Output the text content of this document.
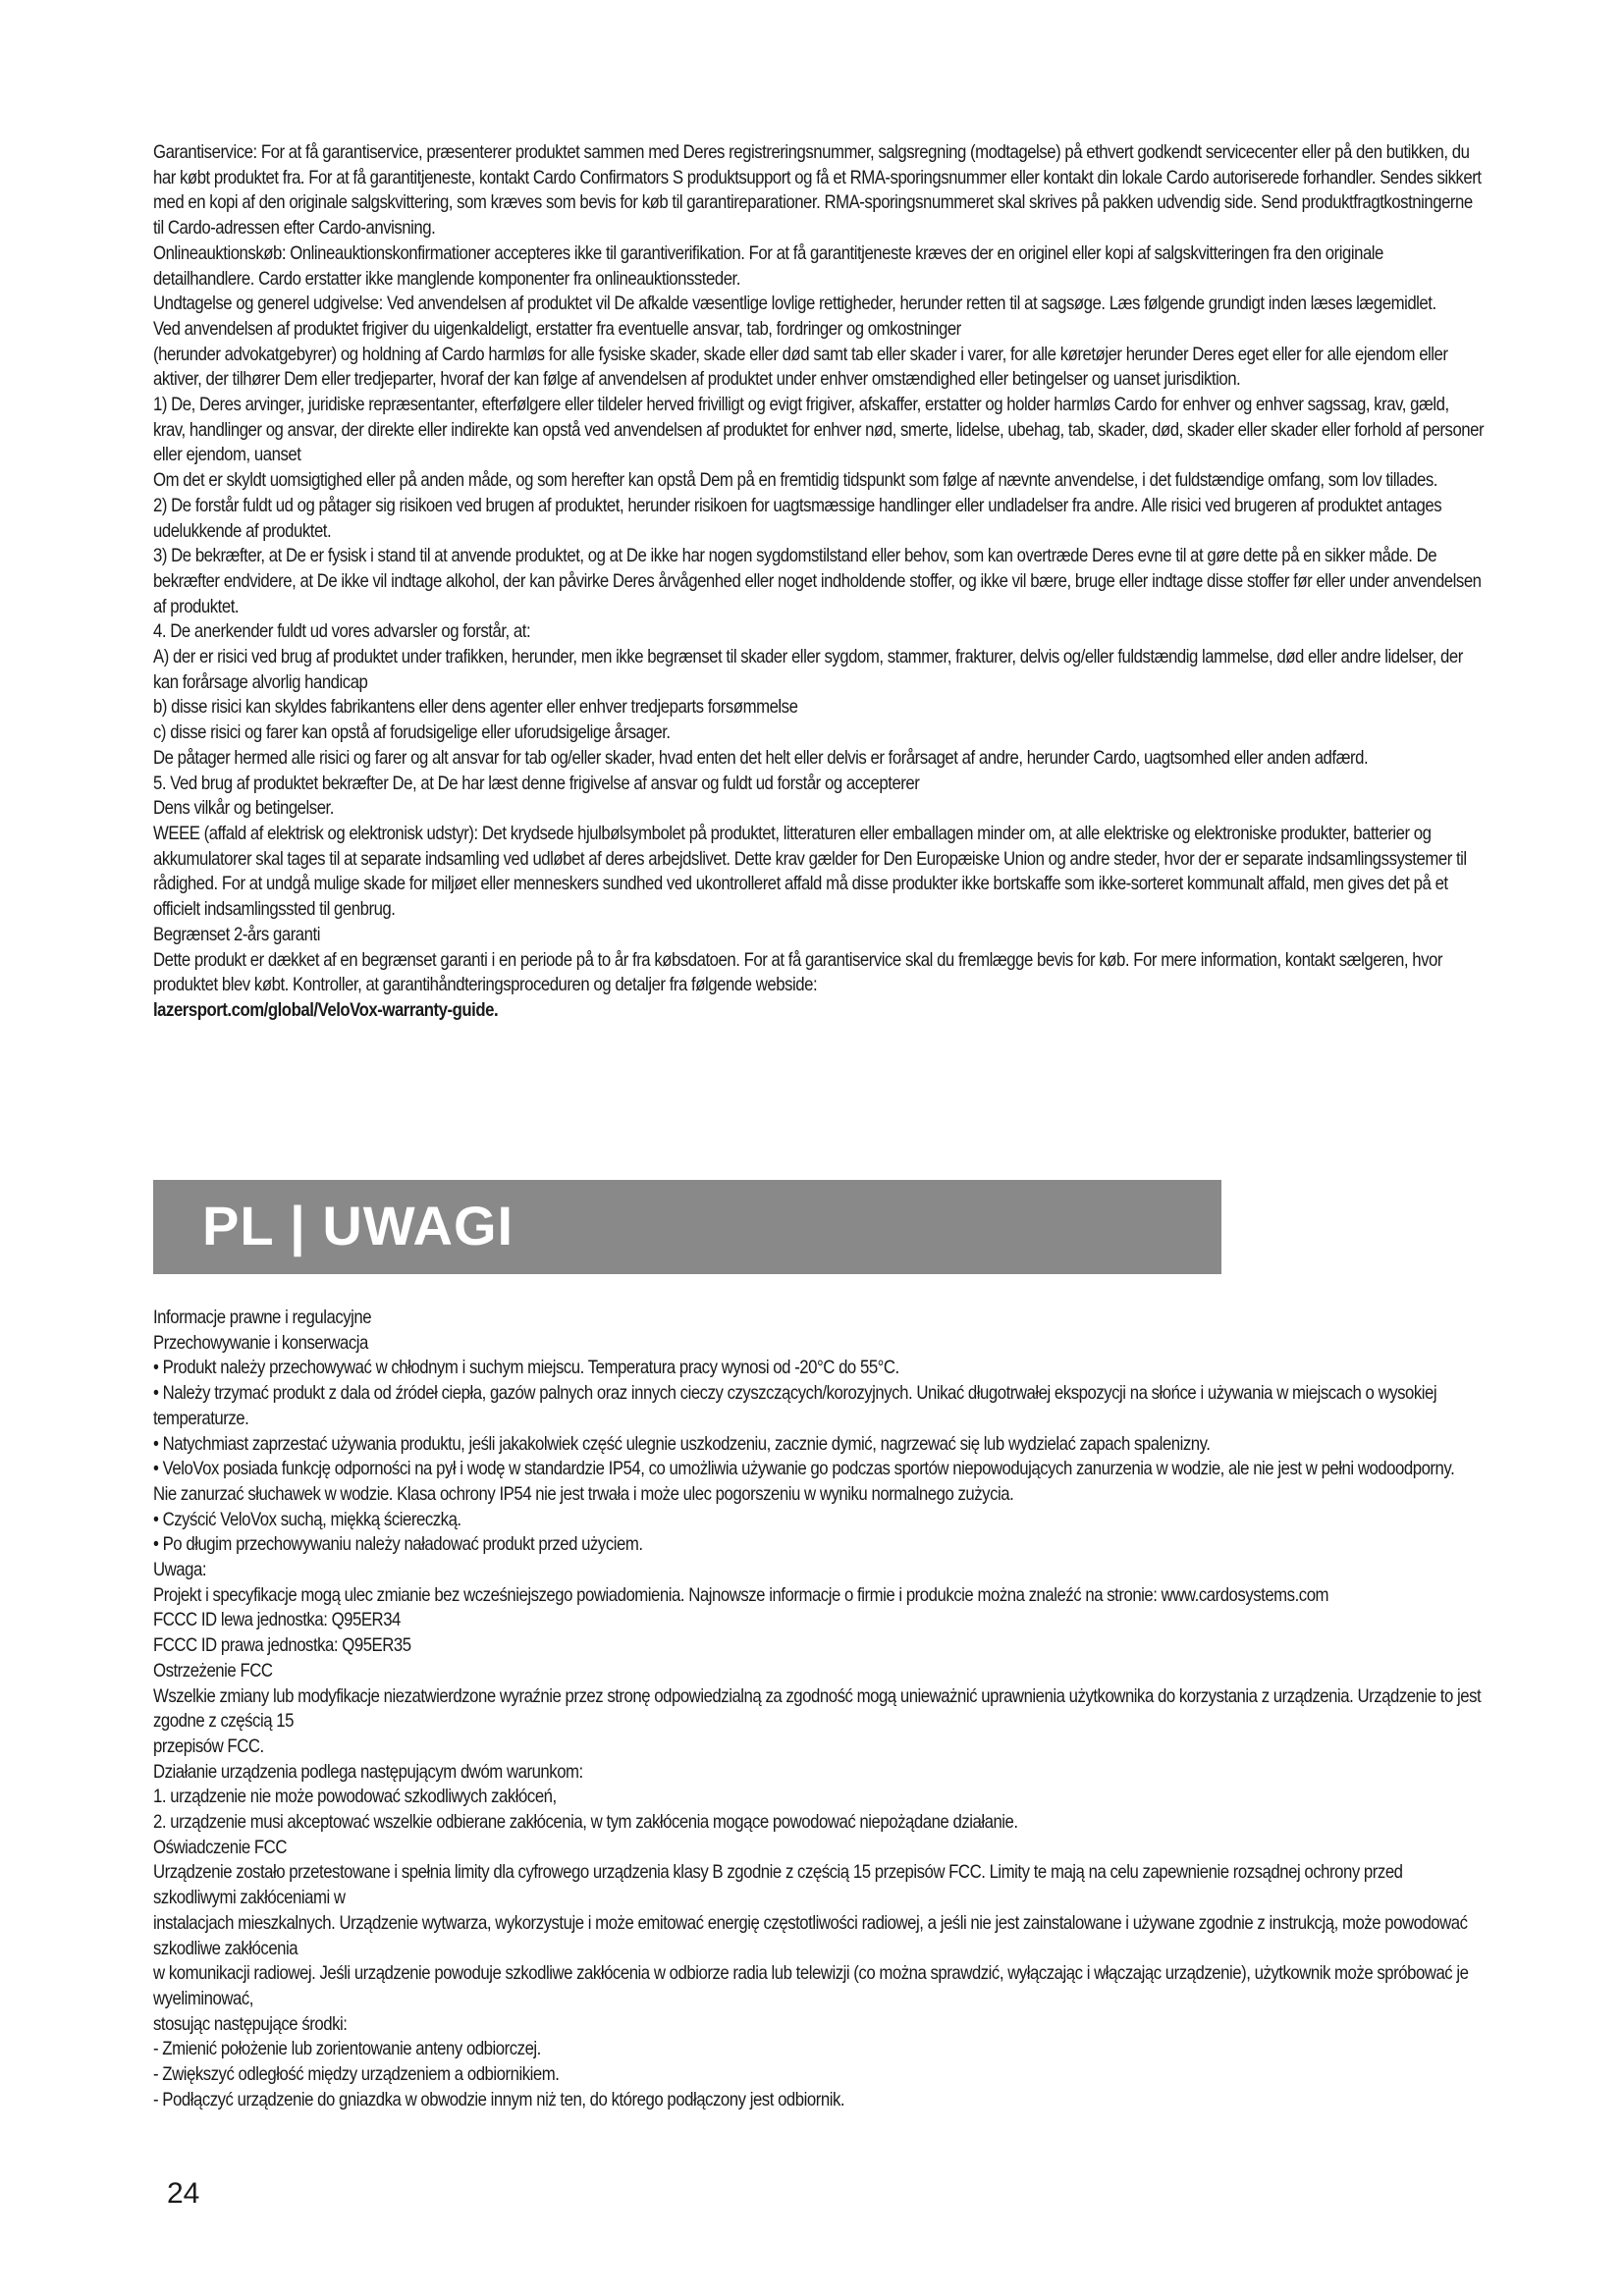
Garantiservice: For at få garantiservice, præsenterer produktet sammen med Deres registreringsnummer, salgsregning (modtagelse) på ethvert godkendt servicecenter eller på den butikken, du har købt produktet fra. For at få garantitjeneste, kontakt Cardo Confirmators S produktsupport og få et RMA-sporingsnummer eller kontakt din lokale Cardo autoriserede forhandler. Sendes sikkert med en kopi af den originale salgskvittering, som kræves som bevis for køb til garantireparationer. RMA-sporingsnummeret skal skrives på pakken udvendig side. Send produktfragtkostningerne til Cardo-adressen efter Cardo-anvisning.

Onlineauktionskøb: Onlineauktionskonfirmationer accepteres ikke til garantiverifikation. For at få garantitjeneste kræves der en originel eller kopi af salgskvitteringen fra den originale detailhandlere. Cardo erstatter ikke manglende komponenter fra onlineauktionssteder.

Undtagelse og generel udgivelse: Ved anvendelsen af produktet vil De afkalde væsentlige lovlige rettigheder, herunder retten til at sagsøge. Læs følgende grundigt inden læses lægemidlet.

Ved anvendelsen af produktet frigiver du uigenkaldeligt, erstatter fra eventuelle ansvar, tab, fordringer og omkostninger

(herunder advokatgebyrer) og holdning af Cardo harmløs for alle fysiske skader, skade eller død samt tab eller skader i varer, for alle køretøjer herunder Deres eget eller for alle ejendom eller aktiver, der tilhører Dem eller tredjeparter, hvoraf der kan følge af anvendelsen af produktet under enhver omstændighed eller betingelser og uanset jurisdiktion.

1) De, Deres arvinger, juridiske repræsentanter, efterfølgere eller tildeler herved frivilligt og evigt frigiver, afskaffer, erstatter og holder harmløs Cardo for enhver og enhver sagssag, krav, gæld, krav, handlinger og ansvar, der direkte eller indirekte kan opstå ved anvendelsen af produktet for enhver nød, smerte, lidelse, ubehag, tab, skader, død, skader eller skader eller forhold af personer eller ejendom, uanset

Om det er skyldt uomsigtighed eller på anden måde, og som herefter kan opstå Dem på en fremtidig tidspunkt som følge af nævnte anvendelse, i det fuldstændige omfang, som lov tillades.

2) De forstår fuldt ud og påtager sig risikoen ved brugen af produktet, herunder risikoen for uagtsmæssige handlinger eller undladelser fra andre. Alle risici ved brugeren af produktet antages udelukkende af produktet.

3) De bekræfter, at De er fysisk i stand til at anvende produktet, og at De ikke har nogen sygdomstilstand eller behov, som kan overtræde Deres evne til at gøre dette på en sikker måde. De bekræfter endvidere, at De ikke vil indtage alkohol, der kan påvirke Deres årvågenhed eller noget indholdende stoffer, og ikke vil bære, bruge eller indtage disse stoffer før eller under anvendelsen af produktet.

4. De anerkender fuldt ud vores advarsler og forstår, at:

A) der er risici ved brug af produktet under trafikken, herunder, men ikke begrænset til skader eller sygdom, stammer, frakturer, delvis og/eller fuldstændig lammelse, død eller andre lidelser, der kan forårsage alvorlig handicap

b) disse risici kan skyldes fabrikantens eller dens agenter eller enhver tredjeparts forsømmelse

c) disse risici og farer kan opstå af forudsigelige eller uforudsigelige årsager.

De påtager hermed alle risici og farer og alt ansvar for tab og/eller skader, hvad enten det helt eller delvis er forårsaget af andre, herunder Cardo, uagtsomhed eller anden adfærd.

5. Ved brug af produktet bekræfter De, at De har læst denne frigivelse af ansvar og fuldt ud forstår og accepterer

Dens vilkår og betingelser.

WEEE (affald af elektrisk og elektronisk udstyr): Det krydsede hjulbølsymbolet på produktet, litteraturen eller emballagen minder om, at alle elektriske og elektroniske produkter, batterier og akkumulatorer skal tages til at separate indsamling ved udløbet af deres arbejdslivet. Dette krav gælder for Den Europæiske Union og andre steder, hvor der er separate indsamlingssystemer til rådighed. For at undgå mulige skade for miljøet eller menneskers sundhed ved ukontrolleret affald må disse produkter ikke bortskaffe som ikke-sorteret kommunalt affald, men gives det på et officielt indsamlingssted til genbrug.

Begrænset 2-års garanti

Dette produkt er dækket af en begrænset garanti i en periode på to år fra købsdatoen. For at få garantiservice skal du fremlægge bevis for køb. For mere information, kontakt sælgeren, hvor produktet blev købt. Kontroller, at garantihåndteringsproceduren og detaljer fra følgende webside:

lazersport.com/global/VeloVox-warranty-guide.

PL | UWAGI

Informacje prawne i regulacyjne

Przechowywanie i konserwacja

• Produkt należy przechowywać w chłodnym i suchym miejscu. Temperatura pracy wynosi od -20°C do 55°C.

• Należy trzymać produkt z dala od źródeł ciepła, gazów palnych oraz innych cieczy czyszczących/korozyjnych. Unikać długotrwałej ekspozycji na słońce i używania w miejscach o wysokiej temperaturze.

• Natychmiast zaprzestać używania produktu, jeśli jakakolwiek część ulegnie uszkodzeniu, zacznie dymić, nagrzewać się lub wydzielać zapach spalenizny.

• VeloVox posiada funkcję odporności na pył i wodę w standardzie IP54, co umożliwia używanie go podczas sportów niepowodujących zanurzenia w wodzie, ale nie jest w pełni wodoodporny.

Nie zanurzać słuchawek w wodzie. Klasa ochrony IP54 nie jest trwała i może ulec pogorszeniu w wyniku normalnego zużycia.

• Czyścić VeloVox suchą, miękką ściereczką.

• Po długim przechowywaniu należy naładować produkt przed użyciem.

Uwaga:

Projekt i specyfikacje mogą ulec zmianie bez wcześniejszego powiadomienia. Najnowsze informacje o firmie i produkcie można znaleźć na stronie: www.cardosystems.com

FCCC ID lewa jednostka: Q95ER34

FCCC ID prawa jednostka: Q95ER35

Ostrzeżenie FCC

Wszelkie zmiany lub modyfikacje niezatwierdzone wyraźnie przez stronę odpowiedzialną za zgodność mogą unieważnić uprawnienia użytkownika do korzystania z urządzenia. Urządzenie to jest zgodne z częścią 15

przepisów FCC.

Działanie urządzenia podlega następującym dwóm warunkom:

1. urządzenie nie może powodować szkodliwych zakłóceń,

2. urządzenie musi akceptować wszelkie odbierane zakłócenia, w tym zakłócenia mogące powodować niepożądane działanie.

Oświadczenie FCC

Urządzenie zostało przetestowane i spełnia limity dla cyfrowego urządzenia klasy B zgodnie z częścią 15 przepisów FCC. Limity te mają na celu zapewnienie rozsądnej ochrony przed szkodliwymi zakłóceniami w

instalacjach mieszkalnych. Urządzenie wytwarza, wykorzystuje i może emitować energię częstotliwości radiowej, a jeśli nie jest zainstalowane i używane zgodnie z instrukcją, może powodować szkodliwe zakłócenia

w komunikacji radiowej. Jeśli urządzenie powoduje szkodliwe zakłócenia w odbiorze radia lub telewizji (co można sprawdzić, wyłączając i włączając urządzenie), użytkownik może spróbować je wyeliminować,

stosując następujące środki:

- Zmienić położenie lub zorientowanie anteny odbiorczej.

- Zwiększyć odległość między urządzeniem a odbiornikiem.

- Podłączyć urządzenie do gniazdka w obwodzie innym niż ten, do którego podłączony jest odbiornik.

24
